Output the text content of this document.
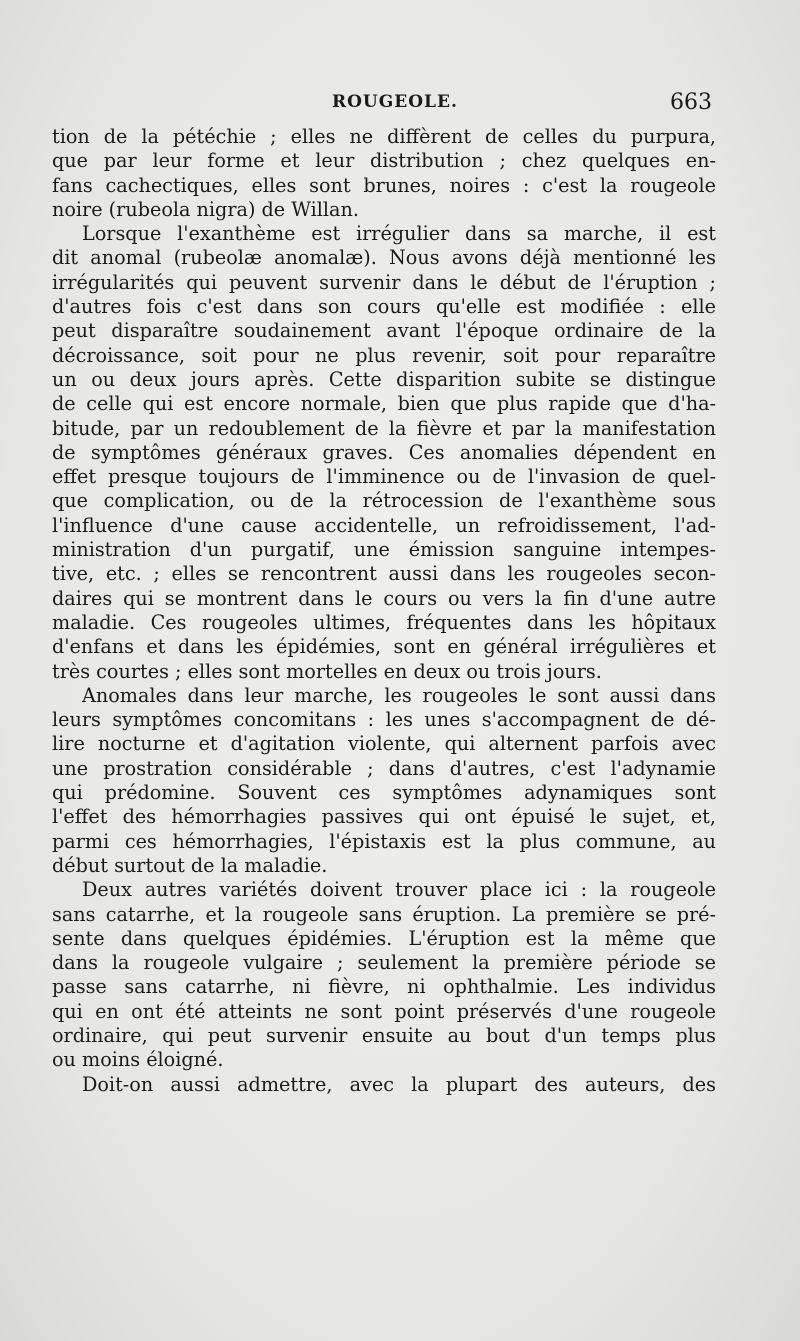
ROUGEOLE.	663
tion de la pétéchie ; elles ne diffèrent de celles du purpura,
que par leur forme et leur distribution ; chez quelques en-
fans cachectiques, elles sont brunes, noires : c'est la rougeole
noire (rubeola nigra) de Willan.
Lorsque l'exanthème est irrégulier dans sa marche, il est
dit anomal (rubeolæ anomalæ). Nous avons déjà mentionné les
irrégularités qui peuvent survenir dans le début de l'éruption ;
d'autres fois c'est dans son cours qu'elle est modifiée : elle
peut disparaître soudainement avant l'époque ordinaire de la
décroissance, soit pour ne plus revenir, soit pour reparaître
un ou deux jours après. Cette disparition subite se distingue
de celle qui est encore normale, bien que plus rapide que d'ha-
bitude, par un redoublement de la fièvre et par la manifestation
de symptômes généraux graves. Ces anomalies dépendent en
effet presque toujours de l'imminence ou de l'invasion de quel-
que complication, ou de la rétrocession de l'exanthème sous
l'influence d'une cause accidentelle, un refroidissement, l'ad-
ministration d'un purgatif, une émission sanguine intempes-
tive, etc. ; elles se rencontrent aussi dans les rougeoles secon-
daires qui se montrent dans le cours ou vers la fin d'une autre
maladie. Ces rougeoles ultimes, fréquentes dans les hôpitaux
d'enfans et dans les épidémies, sont en général irrégulières et
très courtes ; elles sont mortelles en deux ou trois jours.
Anomales dans leur marche, les rougeoles le sont aussi dans
leurs symptômes concomitans : les unes s'accompagnent de dé-
lire nocturne et d'agitation violente, qui alternent parfois avec
une prostration considérable ; dans d'autres, c'est l'adynamie
qui prédomine. Souvent ces symptômes adynamiques sont
l'effet des hémorrhagies passives qui ont épuisé le sujet, et,
parmi ces hémorrhagies, l'épistaxis est la plus commune, au
début surtout de la maladie.
Deux autres variétés doivent trouver place ici : la rougeole
sans catarrhe, et la rougeole sans éruption. La première se pré-
sente dans quelques épidémies. L'éruption est la même que
dans la rougeole vulgaire ; seulement la première période se
passe sans catarrhe, ni fièvre, ni ophthalmie. Les individus
qui en ont été atteints ne sont point préservés d'une rougeole
ordinaire, qui peut survenir ensuite au bout d'un temps plus
ou moins éloigné.
Doit-on aussi admettre, avec la plupart des auteurs, des
